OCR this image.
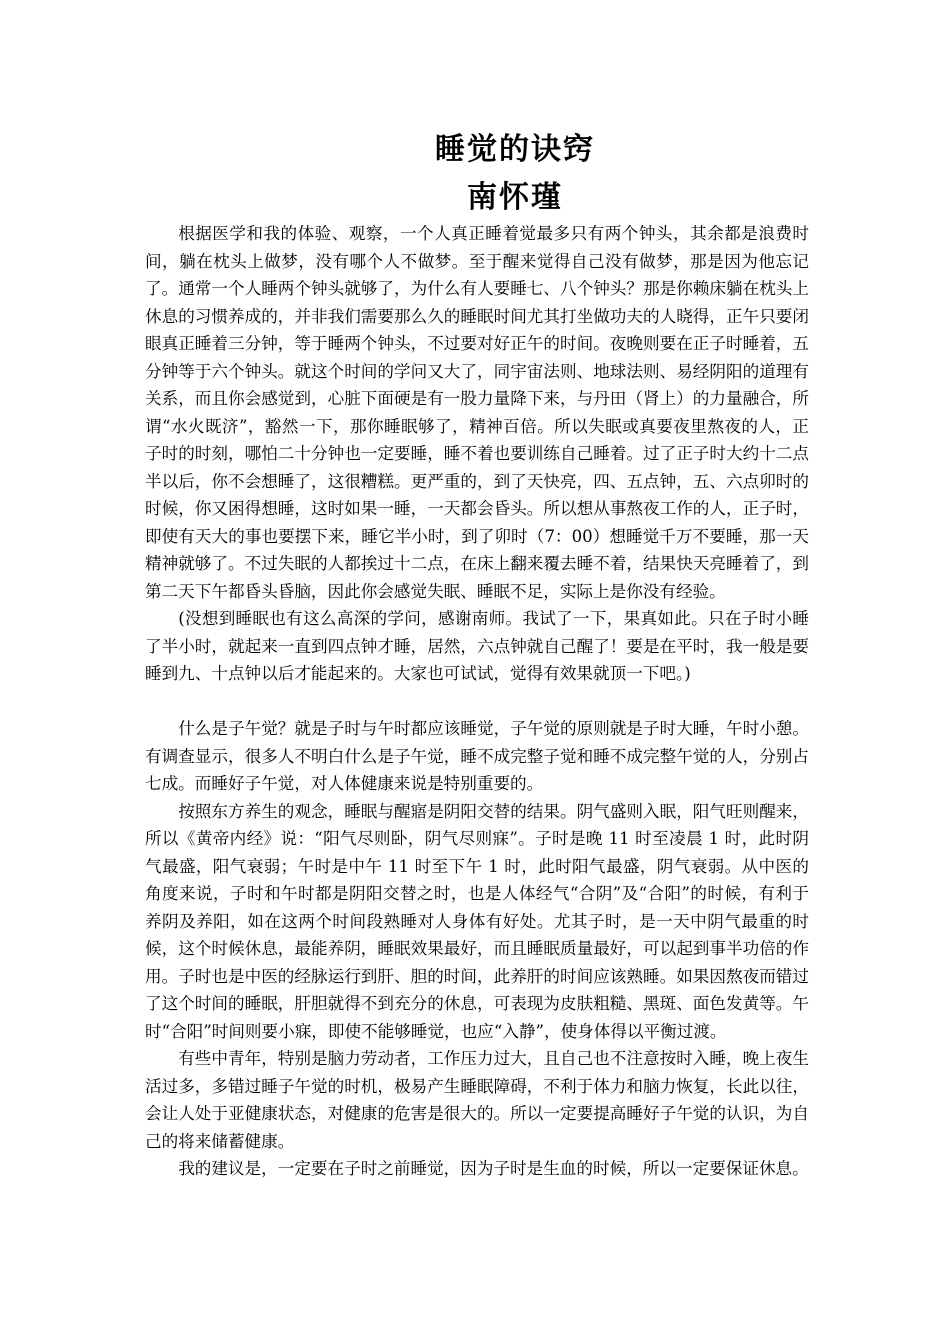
睡觉的诀窍
南怀瑾

根据医学和我的体验、观察，一个人真正睡着觉最多只有两个钟头，其余都是浪费时间，躺在枕头上做梦，没有哪个人不做梦。至于醒来觉得自己没有做梦，那是因为他忘记了。通常一个人睡两个钟头就够了，为什么有人要睡七、八个钟头？那是你赖床躺在枕头上休息的习惯养成的，并非我们需要那么久的睡眠时间尤其打坐做功夫的人晓得，正午只要闭眼真正睡着三分钟，等于睡两个钟头，不过要对好正午的时间。夜晚则要在正子时睡着，五分钟等于六个钟头。就这个时间的学问又大了，同宇宙法则、地球法则、易经阴阳的道理有关系，而且你会感觉到，心脏下面硬是有一股力量降下来，与丹田（肾上）的力量融合，所谓“水火既济”，豁然一下，那你睡眠够了，精神百倍。所以失眠或真要夜里熬夜的人，正子时的时刻，哪怕二十分钟也一定要睡，睡不着也要训练自己睡着。过了正子时大约十二点半以后，你不会想睡了，这很糟糕。更严重的，到了天快亮，四、五点钟，五、六点卯时的时候，你又困得想睡，这时如果一睡，一天都会昏头。所以想从事熬夜工作的人，正子时，即使有天大的事也要摆下来，睡它半小时，到了卯时（7：00）想睡觉千万不要睡，那一天精神就够了。不过失眠的人都挨过十二点，在床上翻来覆去睡不着，结果快天亮睡着了，到第二天下午都昏头昏脑，因此你会感觉失眠、睡眠不足，实际上是你没有经验。

(没想到睡眠也有这么高深的学问，感谢南师。我试了一下，果真如此。只在子时小睡了半小时，就起来一直到四点钟才睡，居然，六点钟就自己醒了！要是在平时，我一般是要睡到九、十点钟以后才能起来的。大家也可试试，觉得有效果就顶一下吧。)

什么是子午觉？就是子时与午时都应该睡觉，子午觉的原则就是子时大睡，午时小憩。有调查显示，很多人不明白什么是子午觉，睡不成完整子觉和睡不成完整午觉的人，分别占七成。而睡好子午觉，对人体健康来说是特别重要的。

按照东方养生的观念，睡眠与醒寤是阴阳交替的结果。阴气盛则入眠，阳气旺则醒来，所以《黄帝内经》说：“阳气尽则卧，阴气尽则寐”。子时是晚 11 时至凌晨 1 时，此时阴气最盛，阳气衰弱；午时是中午 11 时至下午 1 时，此时阳气最盛，阴气衰弱。从中医的角度来说，子时和午时都是阴阳交替之时，也是人体经气“合阴”及“合阳”的时候，有利于养阴及养阳，如在这两个时间段熟睡对人身体有好处。尤其子时，是一天中阴气最重的时候，这个时候休息，最能养阴，睡眠效果最好，而且睡眠质量最好，可以起到事半功倍的作用。子时也是中医的经脉运行到肝、胆的时间，此养肝的时间应该熟睡。如果因熬夜而错过了这个时间的睡眠，肝胆就得不到充分的休息，可表现为皮肤粗糙、黑斑、面色发黄等。午时“合阳”时间则要小寐，即使不能够睡觉，也应“入静”，使身体得以平衡过渡。

有些中青年，特别是脑力劳动者，工作压力过大，且自己也不注意按时入睡，晚上夜生活过多，多错过睡子午觉的时机，极易产生睡眠障碍，不利于体力和脑力恢复，长此以往，会让人处于亚健康状态，对健康的危害是很大的。所以一定要提高睡好子午觉的认识，为自己的将来储蓄健康。

我的建议是，一定要在子时之前睡觉，因为子时是生血的时候，所以一定要保证休息。
